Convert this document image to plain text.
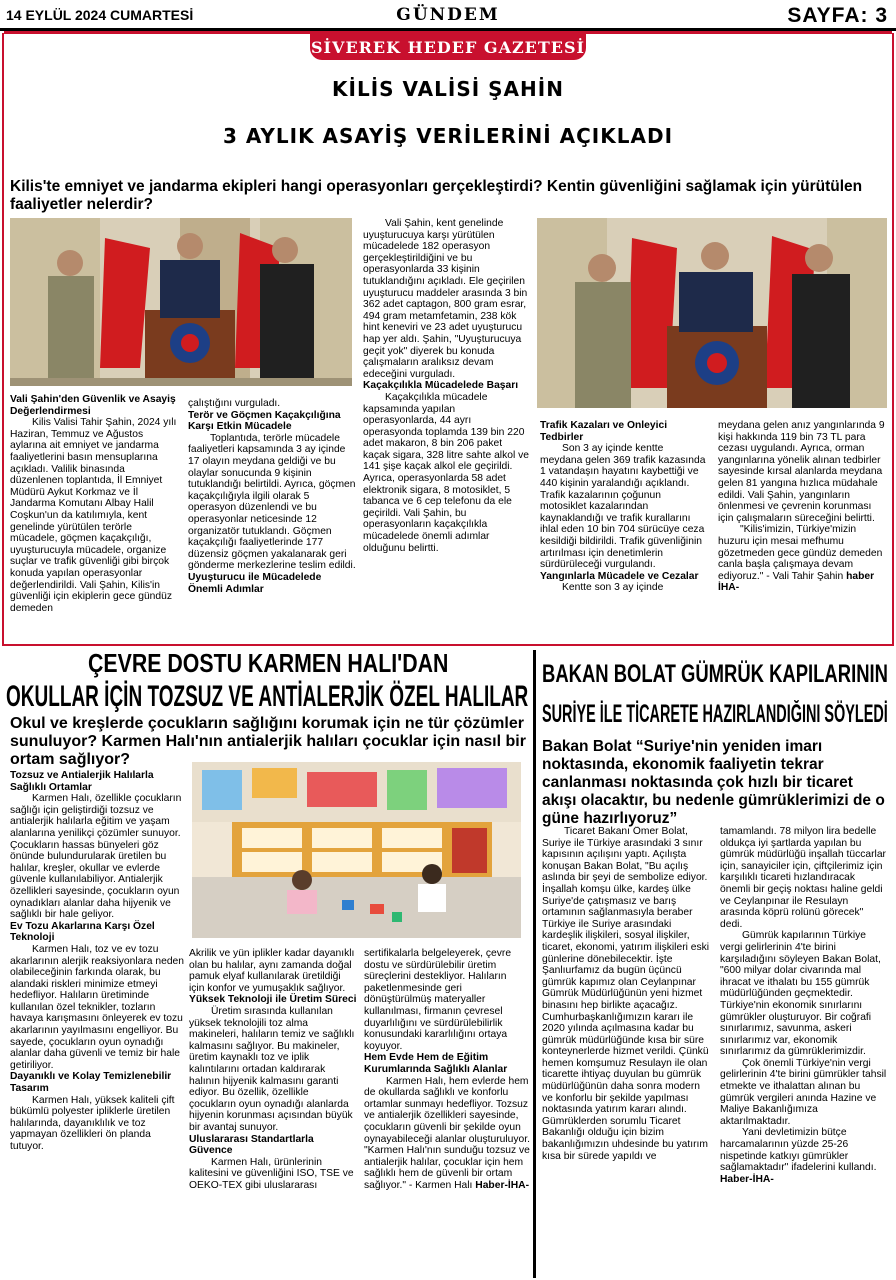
14 EYLÜL 2024 CUMARTESİ	GÜNDEM	SAYFA: 3
SİVEREK HEDEF GAZETESİ
KİLİS VALİSİ ŞAHİN
3 AYLIK ASAYİŞ VERİLERİNİ AÇIKLADI
Kilis'te emniyet ve jandarma ekipleri hangi operasyonları gerçekleştirdi? Kentin güvenliğini sağlamak için yürütülen faaliyetler nelerdir?

Vali Şahin'den Güvenlik ve Asayiş Değerlendirmesi

Kilis Valisi Tahir Şahin, 2024 yılı Haziran, Temmuz ve Ağustos aylarına ait emniyet ve jandarma faaliyetlerini basın mensuplarına açıkladı. Valilik binasında düzenlenen toplantıda, İl Emniyet Müdürü Aykut Korkmaz ve İl Jandarma Komutanı Albay Halil Coşkun'un da katılımıyla, kent genelinde yürütülen terörle mücadele, göçmen kaçakçılığı, uyuşturucuyla mücadele, organize suçlar ve trafik güvenliği gibi birçok konuda yapılan operasyonlar değerlendirildi. Vali Şahin, Kilis'in güvenliği için ekiplerin gece gündüz demeden

çalıştığını vurguladı.

Terör ve Göçmen Kaçakçılığına Karşı Etkin Mücadele

Toplantıda, terörle mücadele faaliyetleri kapsamında 3 ay içinde 17 olayın meydana geldiği ve bu olaylar sonucunda 9 kişinin tutuklandığı belirtildi. Ayrıca, göçmen kaçakçılığıyla ilgili olarak 5 operasyon düzenlendi ve bu operasyonlar neticesinde 12 organizatör tutuklandı. Göçmen kaçakçılığı faaliyetlerinde 177 düzensiz göçmen yakalanarak geri gönderme merkezlerine teslim edildi.

Uyuşturucu ile Mücadelede Önemli Adımlar

Vali Şahin, kent genelinde uyuşturucuya karşı yürütülen mücadelede 182 operasyon gerçekleştirildiğini ve bu operasyonlarda 33 kişinin tutuklandığını açıkladı. Ele geçirilen uyuşturucu maddeler arasında 3 bin 362 adet captagon, 800 gram esrar, 494 gram metamfetamin, 238 kök hint keneviri ve 23 adet uyuşturucu hap yer aldı. Şahin, "Uyuşturucuya geçit yok" diyerek bu konuda çalışmaların aralıksız devam edeceğini vurguladı.

Kaçakçılıkla Mücadelede Başarı

Kaçakçılıkla mücadele kapsamında yapılan operasyonlarda, 44 ayrı operasyonda toplamda 139 bin 220 adet makaron, 8 bin 206 paket kaçak sigara, 328 litre sahte alkol ve 141 şişe kaçak alkol ele geçirildi. Ayrıca, operasyonlarda 58 adet elektronik sigara, 8 motosiklet, 5 tabanca ve 6 cep telefonu da ele geçirildi. Vali Şahin, bu operasyonların kaçakçılıkla mücadelede önemli adımlar olduğunu belirtti.

Trafik Kazaları ve Önleyici Tedbirler

Son 3 ay içinde kentte meydana gelen 369 trafik kazasında 1 vatandaşın hayatını kaybettiği ve 440 kişinin yaralandığı açıklandı. Trafik kazalarının çoğunun motosiklet kazalarından kaynaklandığı ve trafik kurallarını ihlal eden 10 bin 704 sürücüye ceza kesildiği bildirildi. Trafik güvenliğinin artırılması için denetimlerin sürdürüleceği vurgulandı.

Yangınlarla Mücadele ve Cezalar

Kentte son 3 ay içinde

meydana gelen anız yangınlarında 9 kişi hakkında 119 bin 73 TL para cezası uygulandı. Ayrıca, orman yangınlarına yönelik alınan tedbirler sayesinde kırsal alanlarda meydana gelen 81 yangına hızlıca müdahale edildi. Vali Şahin, yangınların önlenmesi ve çevrenin korunması için çalışmaların süreceğini belirtti.

"Kilis'imizin, Türkiye'mizin huzuru için mesai mefhumu gözetmeden gece gündüz demeden canla başla çalışmaya devam ediyoruz." - Vali Tahir Şahin haber İHA-

ÇEVRE DOSTU KARMEN HALI'DAN
OKULLAR İÇİN TOZSUZ VE ANTİALERJİK ÖZEL HALILAR
Okul ve kreşlerde çocukların sağlığını korumak için ne tür çözümler sunuluyor? Karmen Halı'nın antialerjik halıları çocuklar için nasıl bir ortam sağlıyor?

Tozsuz ve Antialerjik Halılarla Sağlıklı Ortamlar

Karmen Halı, özellikle çocukların sağlığı için geliştirdiği tozsuz ve antialerjik halılarla eğitim ve yaşam alanlarına yenilikçi çözümler sunuyor. Çocukların hassas bünyeleri göz önünde bulundurularak üretilen bu halılar, kreşler, okullar ve evlerde güvenle kullanılabiliyor. Antialerjik özellikleri sayesinde, çocukların oyun oynadıkları alanlar daha hijyenik ve sağlıklı bir hale geliyor.

Ev Tozu Akarlarına Karşı Özel Teknoloji

Karmen Halı, toz ve ev tozu akarlarının alerjik reaksiyonlara neden olabileceğinin farkında olarak, bu alandaki riskleri minimize etmeyi hedefliyor. Halıların üretiminde kullanılan özel teknikler, tozların havaya karışmasını önleyerek ev tozu akarlarının yayılmasını engelliyor. Bu sayede, çocukların oyun oynadığı alanlar daha güvenli ve temiz bir hale getiriliyor.

Dayanıklı ve Kolay Temizlenebilir Tasarım

Karmen Halı, yüksek kaliteli çift bükümlü polyester ipliklerle üretilen halılarında, dayanıklılık ve toz yapmayan özellikleri ön planda tutuyor.

Akrilik ve yün iplikler kadar dayanıklı olan bu halılar, aynı zamanda doğal pamuk elyaf kullanılarak üretildiği için konfor ve yumuşaklık sağlıyor.

Yüksek Teknoloji ile Üretim Süreci

Üretim sırasında kullanılan yüksek teknolojili toz alma makineleri, halıların temiz ve sağlıklı kalmasını sağlıyor. Bu makineler, üretim kaynaklı toz ve iplik kalıntılarını ortadan kaldırarak halının hijyenik kalmasını garanti ediyor. Bu özellik, özellikle çocukların oyun oynadığı alanlarda hijyenin korunması açısından büyük bir avantaj sunuyor.

Uluslararası Standartlarla Güvence

Karmen Halı, ürünlerinin kalitesini ve güvenliğini ISO, TSE ve OEKO-TEX gibi uluslararası

sertifikalarla belgeleyerek, çevre dostu ve sürdürülebilir üretim süreçlerini destekliyor. Halıların paketlenmesinde geri dönüştürülmüş materyaller kullanılması, firmanın çevresel duyarlılığını ve sürdürülebilirlik konusundaki kararlılığını ortaya koyuyor.

Hem Evde Hem de Eğitim Kurumlarında Sağlıklı Alanlar

Karmen Halı, hem evlerde hem de okullarda sağlıklı ve konforlu ortamlar sunmayı hedefliyor. Tozsuz ve antialerjik özellikleri sayesinde, çocukların güvenli bir şekilde oyun oynayabileceği alanlar oluşturuluyor.

"Karmen Halı'nın sunduğu tozsuz ve antialerjik halılar, çocuklar için hem sağlıklı hem de güvenli bir ortam sağlıyor." - Karmen Halı Haber-İHA-

BAKAN BOLAT GÜMRÜK KAPILARININ
SURİYE İLE TİCARETE HAZIRLANDIĞINI SÖYLEDİ
Bakan Bolat “Suriye'nin yeniden imarı noktasında, ekonomik faaliyetin tekrar canlanması noktasında çok hızlı bir ticaret akışı olacaktır, bu nedenle gümrüklerimizi de o güne hazırlıyoruz”

Ticaret Bakanı Ömer Bolat, Suriye ile Türkiye arasındaki 3 sınır kapısının açılışını yaptı. Açılışta konuşan Bakan Bolat, "Bu açılış aslında bir şeyi de sembolize ediyor. İnşallah komşu ülke, kardeş ülke Suriye'de çatışmasız ve barış ortamının sağlanmasıyla beraber Türkiye ile Suriye arasındaki kardeşlik ilişkileri, sosyal ilişkiler, ticaret, ekonomi, yatırım ilişkileri eski günlerine dönebilecektir. İşte Şanlıurfamız da bugün üçüncü gümrük kapımız olan Ceylanpınar Gümrük Müdürlüğünün yeni hizmet binasını hep birlikte açacağız.

Cumhurbaşkanlığımızın kararı ile 2020 yılında açılmasına kadar bu gümrük müdürlüğünde kısa bir süre konteynerlerde hizmet verildi. Çünkü hemen komşumuz Resulayn ile olan ticarette ihtiyaç duyulan bu gümrük müdürlüğünün daha sonra modern ve konforlu bir şekilde yapılması noktasında yatırım kararı alındı. Gümrüklerden sorumlu Ticaret Bakanlığı olduğu için bizim bakanlığımızın uhdesinde bu yatırım kısa bir sürede yapıldı ve

tamamlandı. 78 milyon lira bedelle oldukça iyi şartlarda yapılan bu gümrük müdürlüğü inşallah tüccarlar için, sanayiciler için, çiftçilerimiz için karşılıklı ticareti hızlandıracak önemli bir geçiş noktası haline geldi ve Ceylanpınar ile Resulayn arasında köprü rolünü görecek" dedi.

Gümrük kapılarının Türkiye vergi gelirlerinin 4'te birini karşıladığını söyleyen Bakan Bolat, "600 milyar dolar civarında mal ihracat ve ithalatı bu 155 gümrük müdürlüğünden geçmektedir. Türkiye'nin ekonomik sınırlarını gümrükler oluşturuyor. Bir coğrafi sınırlarımız, savunma, askeri sınırlarımız var, ekonomik sınırlarımız da gümrüklerimizdir.

Çok önemli Türkiye'nin vergi gelirlerinin 4'te birini gümrükler tahsil etmekte ve ithalattan alınan bu gümrük vergileri anında Hazine ve Maliye Bakanlığımıza aktarılmaktadır.

Yani devletimizin bütçe harcamalarının yüzde 25-26 nispetinde katkıyı gümrükler sağlamaktadır" ifadelerini kullandı. Haber-İHA-
